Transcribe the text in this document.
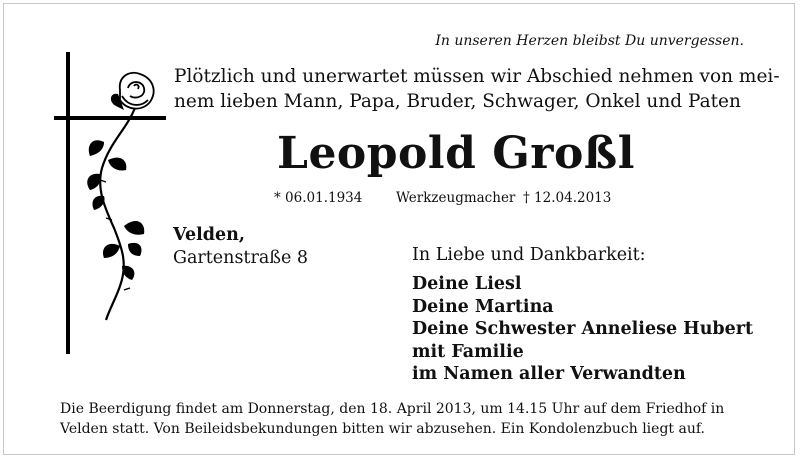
In unseren Herzen bleibst Du unvergessen.
Plötzlich und unerwartet müssen wir Abschied nehmen von mei-
nem lieben Mann, Papa, Bruder, Schwager, Onkel und Paten
Leopold Großl
* 06.01.1934 Werkzeugmacher † 12.04.2013
Velden,
Gartenstraße 8	In Liebe und Dankbarkeit:
Deine Liesl
Deine Martina
Deine Schwester Anneliese Hubert
mit Familie
im Namen aller Verwandten
Die Beerdigung findet am Donnerstag, den 18. April 2013, um 14.15 Uhr auf dem Friedhof in
Velden statt. Von Beileidsbekundungen bitten wir abzusehen. Ein Kondolenzbuch liegt auf.
